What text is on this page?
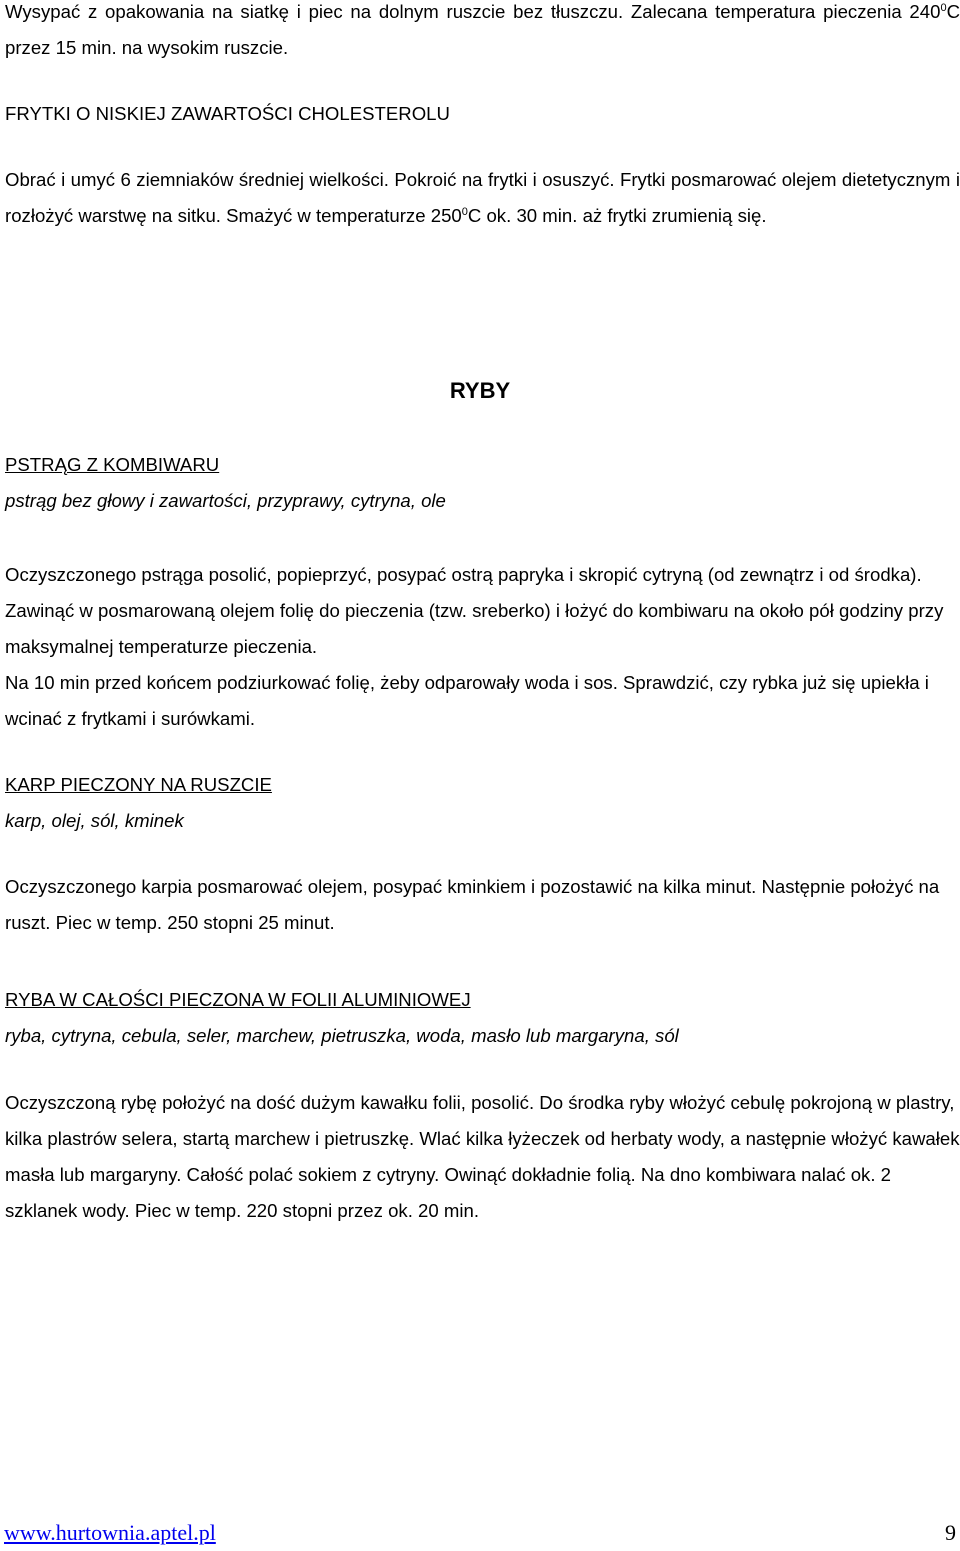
Wysypać z opakowania na siatkę i piec na dolnym ruszcie bez tłuszczu. Zalecana temperatura pieczenia $240^0C$ przez 15 min. na wysokim ruszcie.
FRYTKI O NISKIEJ ZAWARTOŚCI CHOLESTEROLU
Obrać i umyć 6 ziemniaków średniej wielkości. Pokroić na frytki i osuszyć. Frytki posmarować olejem dietetycznym i rozłożyć warstwę na sitku. Smażyć w temperaturze $250^0C$ ok. 30 min. aż frytki zrumienią się.
RYBY
PSTRĄG Z KOMBIWARU
pstrąg bez głowy i zawartości, przyprawy, cytryna, ole
Oczyszczonego pstrąga posolić, popieprzyć, posypać ostrą papryka i skropić cytryną (od zewnątrz i od środka). Zawinąć w posmarowaną olejem folię do pieczenia (tzw. sreberko) i łożyć do kombiwaru na około pół godziny przy maksymalnej temperaturze pieczenia.
Na 10 min przed końcem podziurkować folię, żeby odparowały woda i sos. Sprawdzić, czy rybka już się upiekła i wcinać z frytkami i surówkami.
KARP PIECZONY NA RUSZCIE
karp, olej, sól, kminek
Oczyszczonego karpia posmarować olejem, posypać kminkiem i pozostawić na kilka minut. Następnie położyć na ruszt. Piec w temp. 250 stopni 25 minut.
RYBA W CAŁOŚCI PIECZONA W FOLII ALUMINIOWEJ
ryba, cytryna, cebula, seler, marchew, pietruszka, woda, masło lub margaryna, sól
Oczyszczoną rybę położyć na dość dużym kawałku folii, posolić. Do środka ryby włożyć cebulę pokrojoną w plastry, kilka plastrów selera, startą marchew i pietruszkę. Wlać kilka łyżeczek od herbaty wody, a następnie włożyć kawałek masła lub margaryny. Całość polać sokiem z cytryny. Owinąć dokładnie folią. Na dno kombiwara nalać ok. 2 szklanek wody. Piec w temp. 220 stopni przez ok. 20 min.
www.hurtownia.aptel.pl	9
